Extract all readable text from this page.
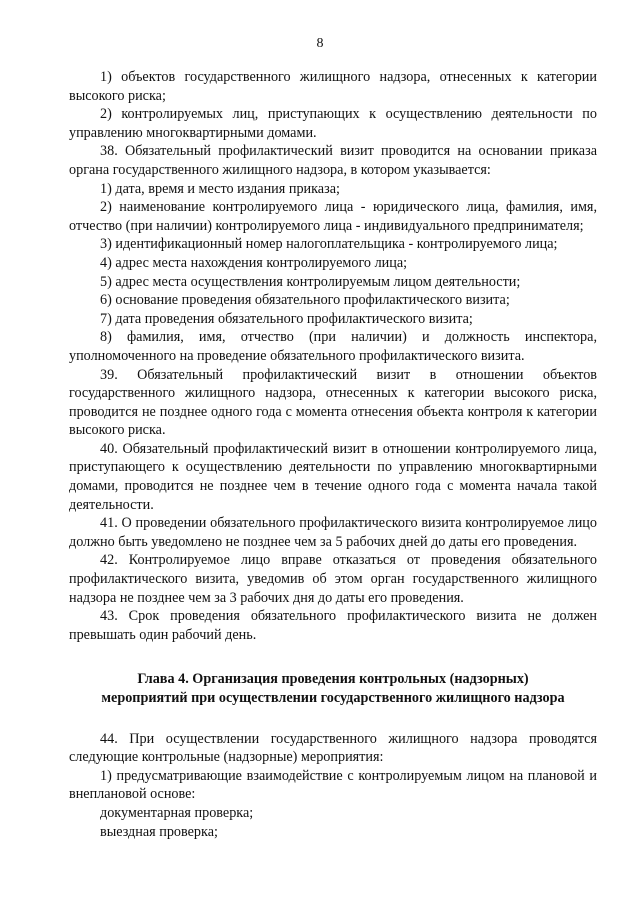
8

1) объектов государственного жилищного надзора, отнесенных к категории высокого риска;

2) контролируемых лиц, приступающих к осуществлению деятельности по управлению многоквартирными домами.

38. Обязательный профилактический визит проводится на основании приказа органа государственного жилищного надзора, в котором указывается:

1) дата, время и место издания приказа;

2) наименование контролируемого лица - юридического лица, фамилия, имя, отчество (при наличии) контролируемого лица - индивидуального предпринимателя;

3) идентификационный номер налогоплательщика - контролируемого лица;

4) адрес места нахождения контролируемого лица;

5) адрес места осуществления контролируемым лицом деятельности;

6) основание проведения обязательного профилактического визита;

7) дата проведения обязательного профилактического визита;

8) фамилия, имя, отчество (при наличии) и должность инспектора, уполномоченного на проведение обязательного профилактического визита.

39. Обязательный профилактический визит в отношении объектов государственного жилищного надзора, отнесенных к категории высокого риска, проводится не позднее одного года с момента отнесения объекта контроля к категории высокого риска.

40. Обязательный профилактический визит в отношении контролируемого лица, приступающего к осуществлению деятельности по управлению многоквартирными домами, проводится не позднее чем в течение одного года с момента начала такой деятельности.

41. О проведении обязательного профилактического визита контролируемое лицо должно быть уведомлено не позднее чем за 5 рабочих дней до даты его проведения.

42. Контролируемое лицо вправе отказаться от проведения обязательного профилактического визита, уведомив об этом орган государственного жилищного надзора не позднее чем за 3 рабочих дня до даты его проведения.

43. Срок проведения обязательного профилактического визита не должен превышать один рабочий день.

Глава 4. Организация проведения контрольных (надзорных)
мероприятий при осуществлении государственного жилищного надзора

44. При осуществлении государственного жилищного надзора проводятся следующие контрольные (надзорные) мероприятия:

1) предусматривающие взаимодействие с контролируемым лицом на плановой и внеплановой основе:

документарная проверка;

выездная проверка;
